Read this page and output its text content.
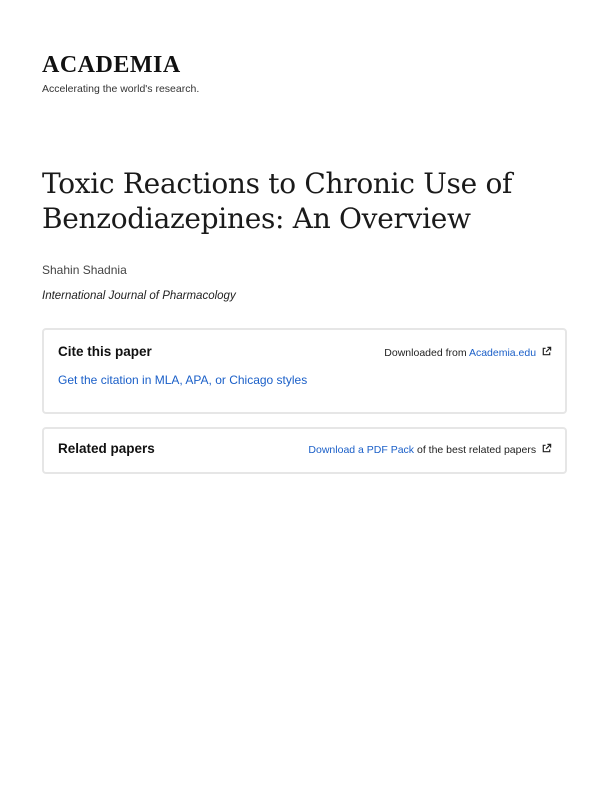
ACADEMIA
Accelerating the world's research.
Toxic Reactions to Chronic Use of Benzodiazepines: An Overview
Shahin Shadnia
International Journal of Pharmacology
Cite this paper	Downloaded from Academia.edu
Get the citation in MLA, APA, or Chicago styles
Related papers	Download a PDF Pack of the best related papers
